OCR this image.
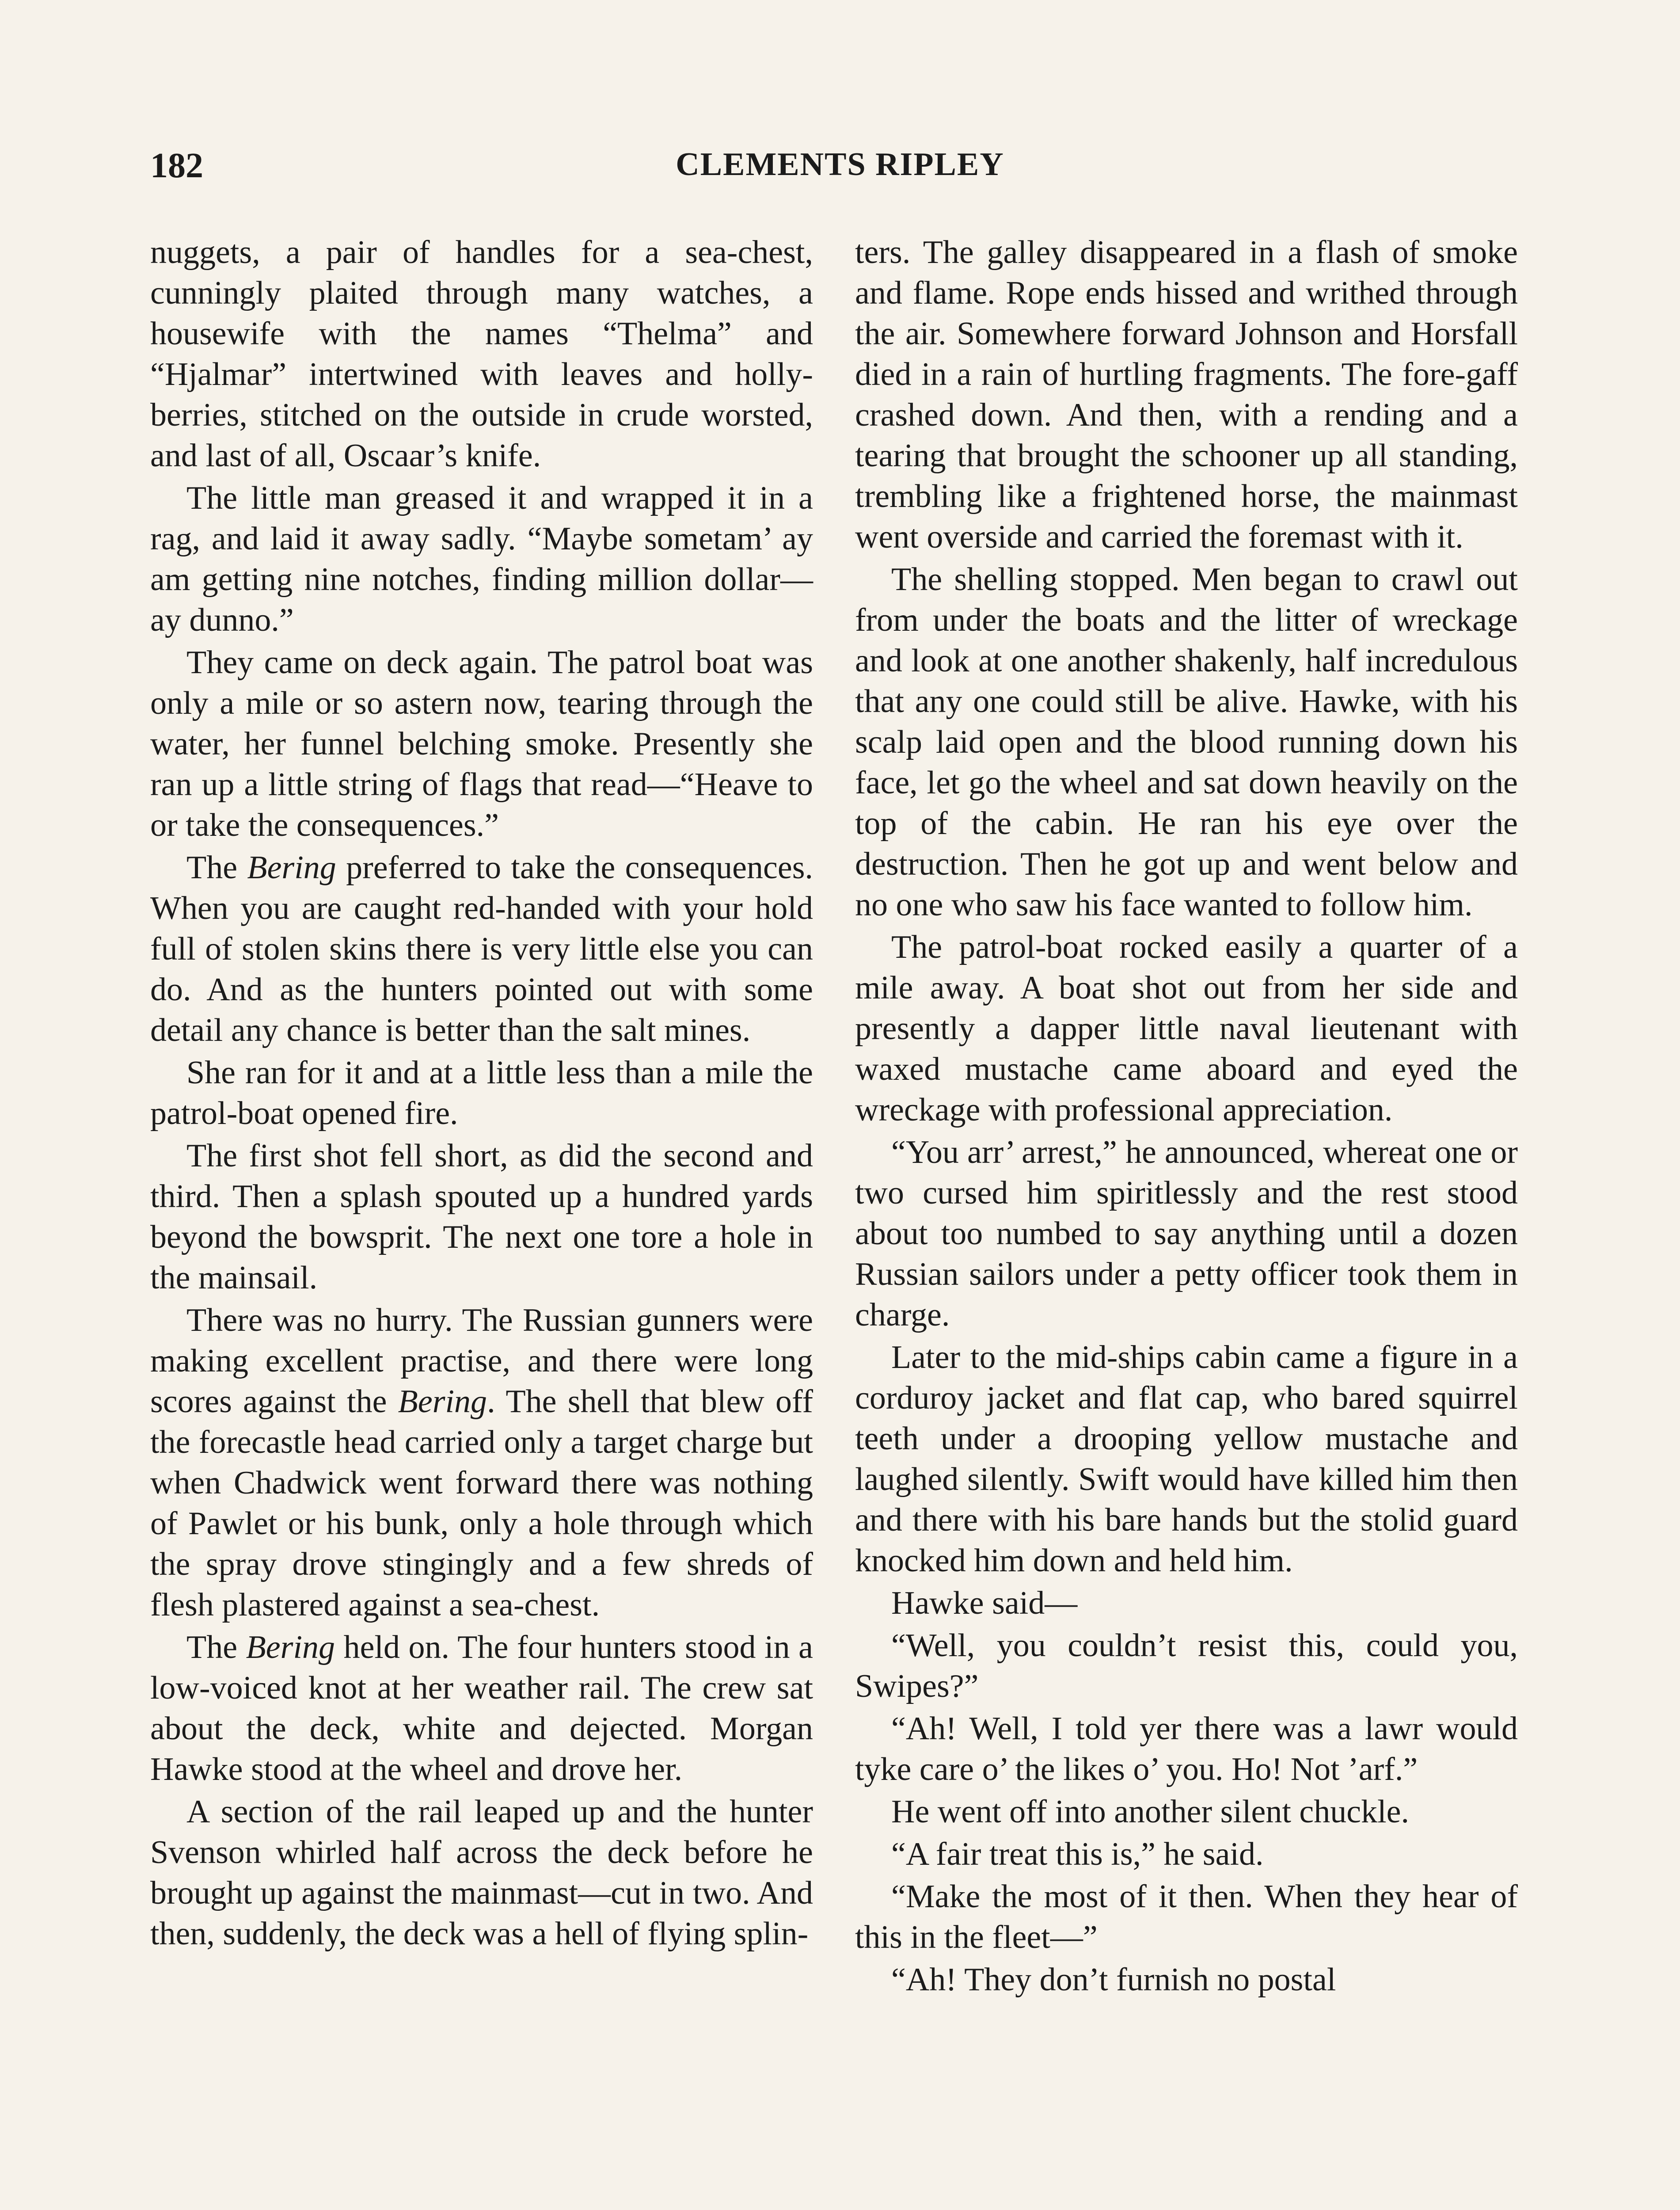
182	CLEMENTS RIPLEY

nuggets, a pair of handles for a sea-chest, cunningly plaited through many watches, a housewife with the names “Thelma” and “Hjalmar” intertwined with leaves and holly-berries, stitched on the outside in crude worsted, and last of all, Oscaar’s knife.

The little man greased it and wrapped it in a rag, and laid it away sadly. “Maybe sometam’ ay am getting nine notches, finding million dollar—ay dunno.”

They came on deck again. The patrol boat was only a mile or so astern now, tearing through the water, her funnel belching smoke. Presently she ran up a little string of flags that read—“Heave to or take the consequences.”

The Bering preferred to take the consequences. When you are caught red-handed with your hold full of stolen skins there is very little else you can do. And as the hunters pointed out with some detail any chance is better than the salt mines.

She ran for it and at a little less than a mile the patrol-boat opened fire.

The first shot fell short, as did the second and third. Then a splash spouted up a hundred yards beyond the bowsprit. The next one tore a hole in the mainsail.

There was no hurry. The Russian gunners were making excellent practise, and there were long scores against the Bering. The shell that blew off the forecastle head carried only a target charge but when Chadwick went forward there was nothing of Pawlet or his bunk, only a hole through which the spray drove stingingly and a few shreds of flesh plastered against a sea-chest.

The Bering held on. The four hunters stood in a low-voiced knot at her weather rail. The crew sat about the deck, white and dejected. Morgan Hawke stood at the wheel and drove her.

A section of the rail leaped up and the hunter Svenson whirled half across the deck before he brought up against the mainmast—cut in two. And then, suddenly, the deck was a hell of flying splin-

ters. The galley disappeared in a flash of smoke and flame. Rope ends hissed and writhed through the air. Somewhere forward Johnson and Horsfall died in a rain of hurtling fragments. The fore-gaff crashed down. And then, with a rending and a tearing that brought the schooner up all standing, trembling like a frightened horse, the mainmast went overside and carried the foremast with it.

The shelling stopped. Men began to crawl out from under the boats and the litter of wreckage and look at one another shakenly, half incredulous that any one could still be alive. Hawke, with his scalp laid open and the blood running down his face, let go the wheel and sat down heavily on the top of the cabin. He ran his eye over the destruction. Then he got up and went below and no one who saw his face wanted to follow him.

The patrol-boat rocked easily a quarter of a mile away. A boat shot out from her side and presently a dapper little naval lieutenant with waxed mustache came aboard and eyed the wreckage with professional appreciation.

“You arr’ arrest,” he announced, whereat one or two cursed him spiritlessly and the rest stood about too numbed to say anything until a dozen Russian sailors under a petty officer took them in charge.

Later to the mid-ships cabin came a figure in a corduroy jacket and flat cap, who bared squirrel teeth under a drooping yellow mustache and laughed silently. Swift would have killed him then and there with his bare hands but the stolid guard knocked him down and held him.

Hawke said—

“Well, you couldn’t resist this, could you, Swipes?”

“Ah! Well, I told yer there was a lawr would tyke care o’ the likes o’ you. Ho! Not ’arf.”

He went off into another silent chuckle.

“A fair treat this is,” he said.

“Make the most of it then. When they hear of this in the fleet—”

“Ah! They don’t furnish no postal
